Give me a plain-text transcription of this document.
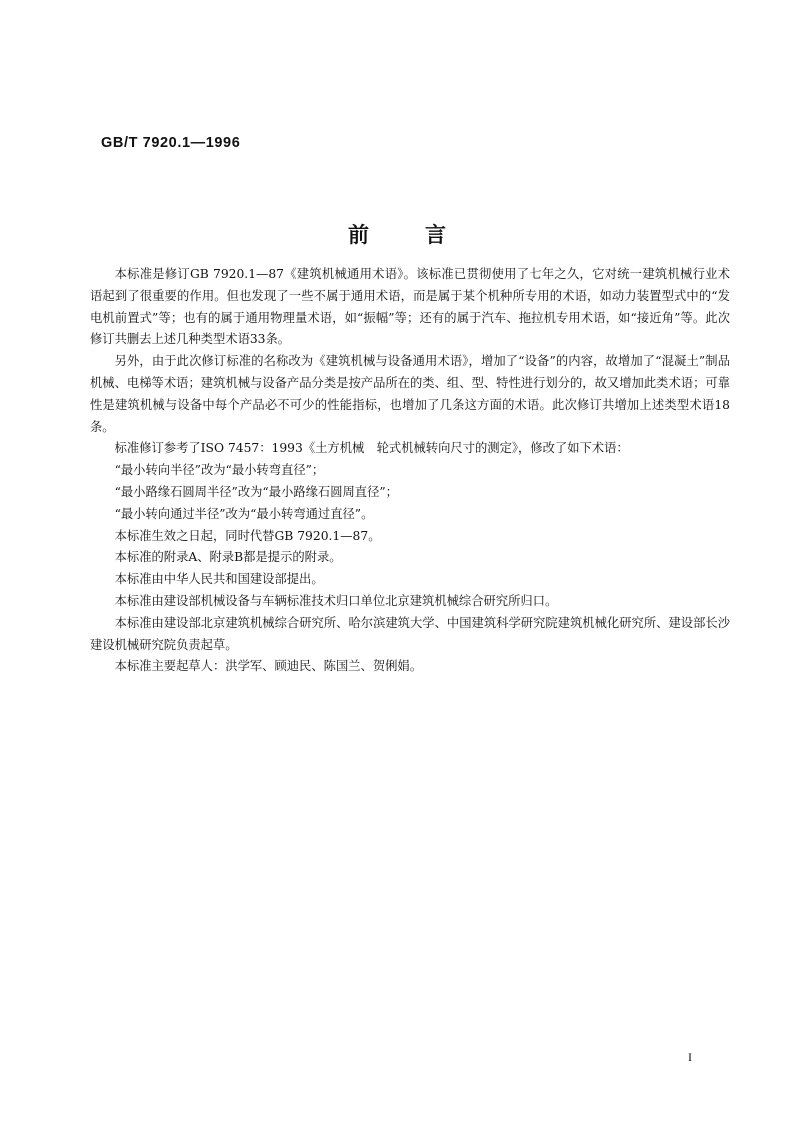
GB/T 7920.1—1996
前	言

本标准是修订GB 7920.1—87《建筑机械通用术语》。该标准已贯彻使用了七年之久，它对统一建筑机械行业术语起到了很重要的作用。但也发现了一些不属于通用术语，而是属于某个机种所专用的术语，如动力装置型式中的“发电机前置式”等；也有的属于通用物理量术语，如“振幅”等；还有的属于汽车、拖拉机专用术语，如“接近角”等。此次修订共删去上述几种类型术语33条。

另外，由于此次修订标准的名称改为《建筑机械与设备通用术语》，增加了“设备”的内容，故增加了“混凝土”制品机械、电梯等术语；建筑机械与设备产品分类是按产品所在的类、组、型、特性进行划分的，故又增加此类术语；可靠性是建筑机械与设备中每个产品必不可少的性能指标，也增加了几条这方面的术语。此次修订共增加上述类型术语18条。

标准修订参考了ISO 7457：1993《土方机械　轮式机械转向尺寸的测定》，修改了如下术语：

“最小转向半径”改为“最小转弯直径”；

“最小路缘石圆周半径”改为“最小路缘石圆周直径”；

“最小转向通过半径”改为“最小转弯通过直径”。

本标准生效之日起，同时代替GB 7920.1—87。

本标准的附录A、附录B都是提示的附录。

本标准由中华人民共和国建设部提出。

本标准由建设部机械设备与车辆标准技术归口单位北京建筑机械综合研究所归口。

本标准由建设部北京建筑机械综合研究所、哈尔滨建筑大学、中国建筑科学研究院建筑机械化研究所、建设部长沙建设机械研究院负责起草。

本标准主要起草人：洪学军、顾迪民、陈国兰、贺俐娟。

I
